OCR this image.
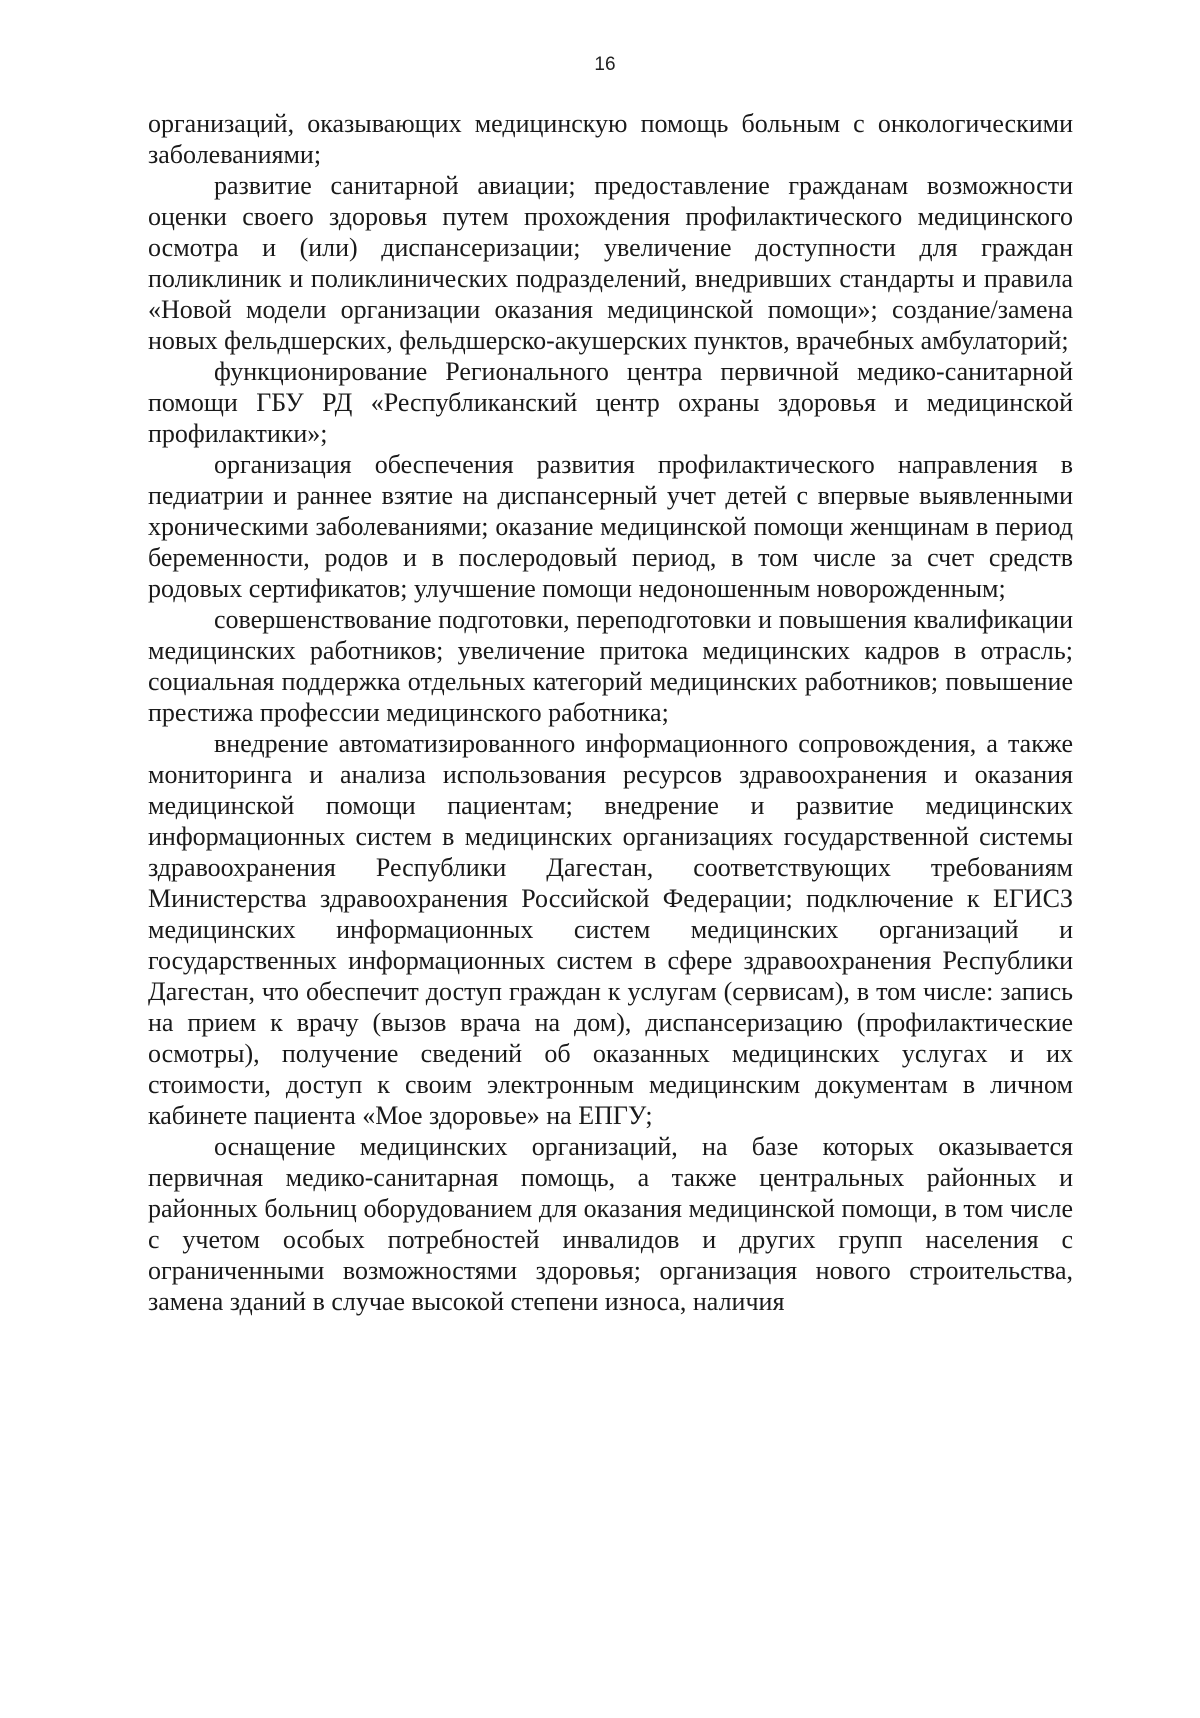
16

организаций, оказывающих медицинскую помощь больным с онкологическими заболеваниями;

развитие санитарной авиации; предоставление гражданам возможности оценки своего здоровья путем прохождения профилактического медицинского осмотра и (или) диспансеризации; увеличение доступности для граждан поликлиник и поликлинических подразделений, внедривших стандарты и правила «Новой модели организации оказания медицинской помощи»; создание/замена новых фельдшерских, фельдшерско-акушерских пунктов, врачебных амбулаторий;

функционирование Регионального центра первичной медико-санитарной помощи ГБУ РД «Республиканский центр охраны здоровья и медицинской профилактики»;

организация обеспечения развития профилактического направления в педиатрии и раннее взятие на диспансерный учет детей с впервые выявленными хроническими заболеваниями; оказание медицинской помощи женщинам в период беременности, родов и в послеродовый период, в том числе за счет средств родовых сертификатов; улучшение помощи недоношенным новорожденным;

совершенствование подготовки, переподготовки и повышения квалификации медицинских работников; увеличение притока медицинских кадров в отрасль; социальная поддержка отдельных категорий медицинских работников; повышение престижа профессии медицинского работника;

внедрение автоматизированного информационного сопровождения, а также мониторинга и анализа использования ресурсов здравоохранения и оказания медицинской помощи пациентам; внедрение и развитие медицинских информационных систем в медицинских организациях государственной системы здравоохранения Республики Дагестан, соответствующих требованиям Министерства здравоохранения Российской Федерации; подключение к ЕГИСЗ медицинских информационных систем медицинских организаций и государственных информационных систем в сфере здравоохранения Республики Дагестан, что обеспечит доступ граждан к услугам (сервисам), в том числе: запись на прием к врачу (вызов врача на дом), диспансеризацию (профилактические осмотры), получение сведений об оказанных медицинских услугах и их стоимости, доступ к своим электронным медицинским документам в личном кабинете пациента «Мое здоровье» на ЕПГУ;

оснащение медицинских организаций, на базе которых оказывается первичная медико-санитарная помощь, а также центральных районных и районных больниц оборудованием для оказания медицинской помощи, в том числе с учетом особых потребностей инвалидов и других групп населения с ограниченными возможностями здоровья; организация нового строительства, замена зданий в случае высокой степени износа, наличия
